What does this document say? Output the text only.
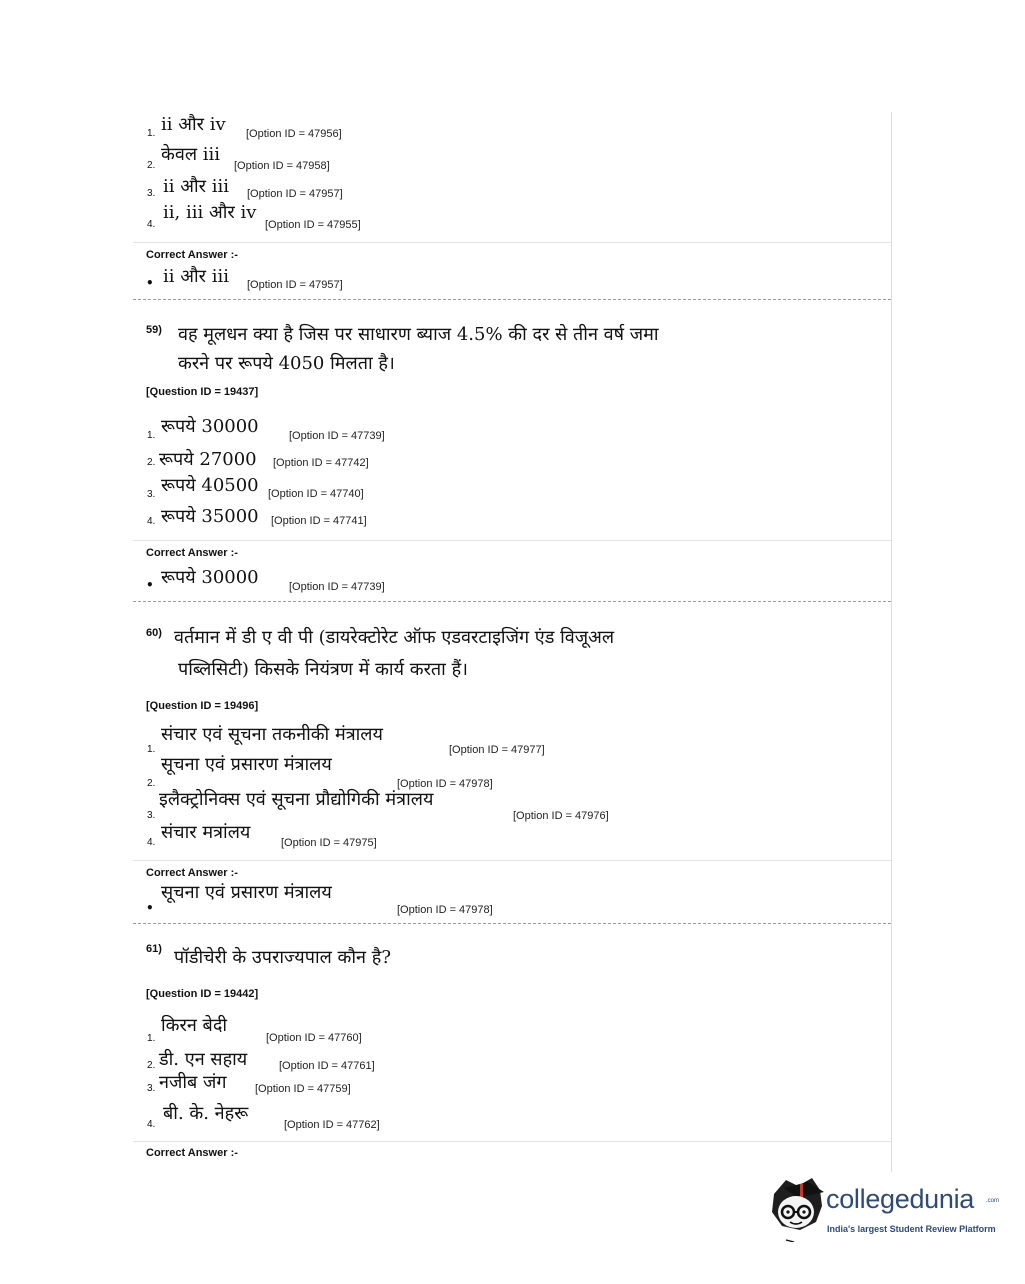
1. ii और iv [Option ID = 47956]
2.
केवल iii
[Option ID = 47958]
3. ii और iii [Option ID = 47957]
4.
ii, iii और iv
[Option ID = 47955]
Correct Answer :-
• ii और iii [Option ID = 47957]
59) वह मूलधन क्या है जिस पर साधारण ब्याज 4.5% की दर से तीन वर्ष जमा
करने पर रूपये 4050 मिलता है।
[Question ID = 19437]
1. रूपये 30000	[Option ID = 47739]
2. रूपये 27000 [Option ID = 47742]
3. रूपये 40500 [Option ID = 47740]
4. रूपये 35000 [Option ID = 47741]
Correct Answer :-
• रूपये 30000	[Option ID = 47739]
60) वर्तमान में डी ए वी पी (डायरेक्टोरेट ऑफ एडवरटाइजिंग एंड विजूअल
पब्लिसिटी) किसके नियंत्रण में कार्य करता हैं।
[Question ID = 19496]
1.
संचार एवं सूचना तकनीकी मंत्रालय
[Option ID = 47977]
2.
सूचना एवं प्रसारण मंत्रालय
[Option ID = 47978]
3.
इलैक्ट्रोनिक्स एवं सूचना प्रौद्योगिकी मंत्रालय
[Option ID = 47976]
4. संचार मत्रांलय	[Option ID = 47975]
Correct Answer :-
•
सूचना एवं प्रसारण मंत्रालय
[Option ID = 47978]
61) पॉडीचेरी के उपराज्यपाल कौन है?
[Question ID = 19442]
1.
किरन बेदी
[Option ID = 47760]
2. डी. एन सहाय	[Option ID = 47761]
3. नजीब जंग	[Option ID = 47759]
4.
बी. के. नेहरू
[Option ID = 47762]
Correct Answer :-
collegedunia .com
India's largest Student Review Platform
